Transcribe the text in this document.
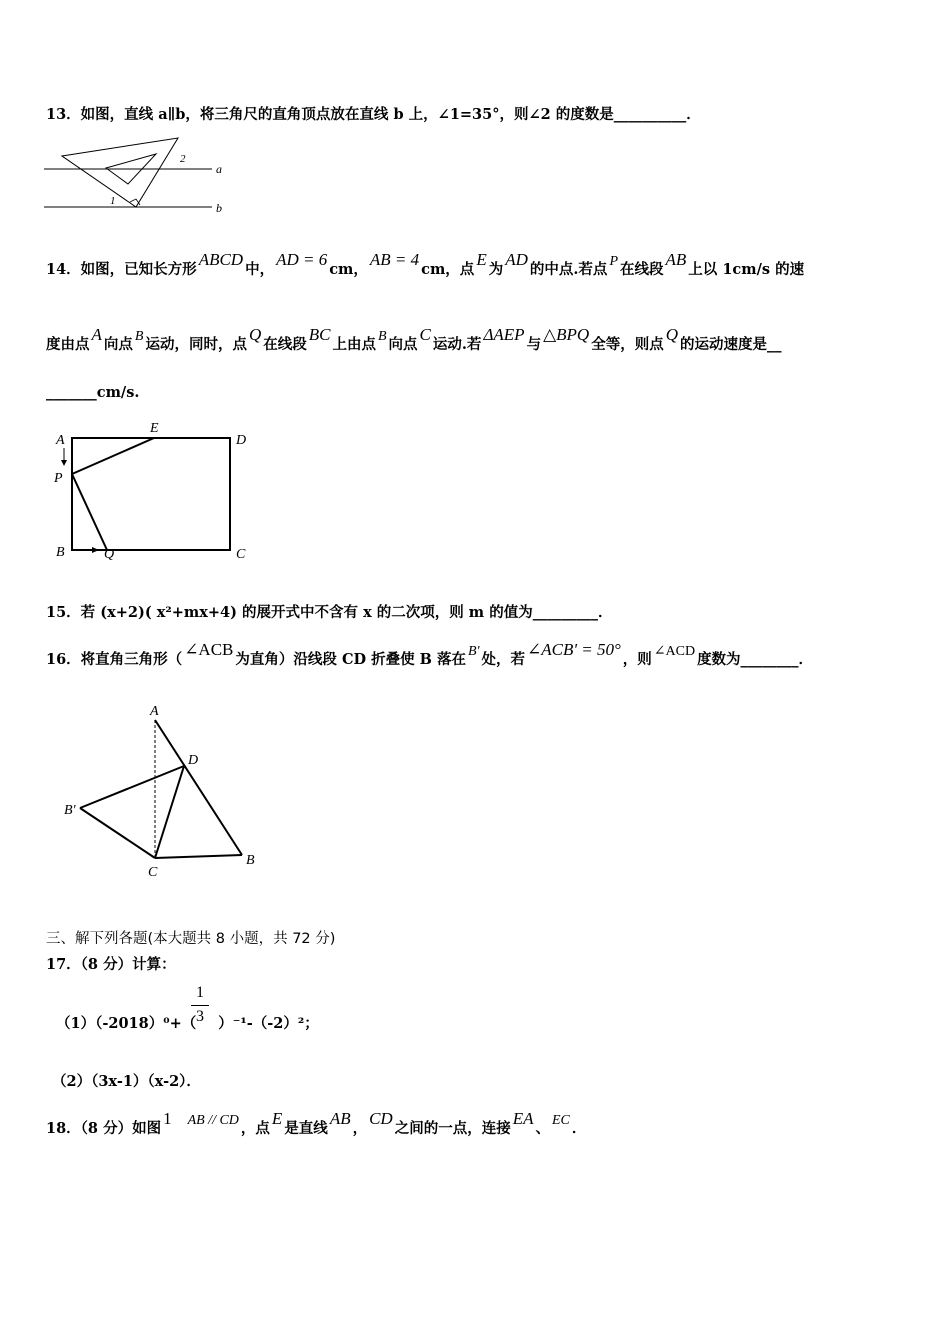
13．如图，直线 a∥b，将三角尺的直角顶点放在直线 b 上，∠1=35°，则∠2 的度数是__________．
a
b
1
2
14．如图，已知长方形ABCD中，AD = 6cm，AB = 4cm，点E为AD的中点.若点 P 在线段AB上以 1cm/s 的速
度由点A向点 B 运动，同时，点Q在线段BC上由点 B 向点C运动.若ΔAEP与△BPQ全等，则点Q的运动速度是__
_______cm/s.
A
E
D
P
B	Q	C
15．若 (x+2)( x²+mx+4) 的展开式中不含有 x 的二次项，则 m 的值为_________．
16．将直角三角形（∠ACB为直角）沿线段 CD 折叠使 B 落在 B' 处，若∠ACB' = 50°，则 ∠ACD 度数为________．
A
D
B'
B
C
三、解下列各题(本大题共 8 小题，共 72 分)
17．（8 分）计算：
（1）（-2018）⁰+（ ）⁻¹-（-2）²；
1
3
（2）（3x-1）（x-2）．
18．（8 分）如图1 AB // CD ，点E是直线AB，CD之间的一点，连接EA、 EC ．
